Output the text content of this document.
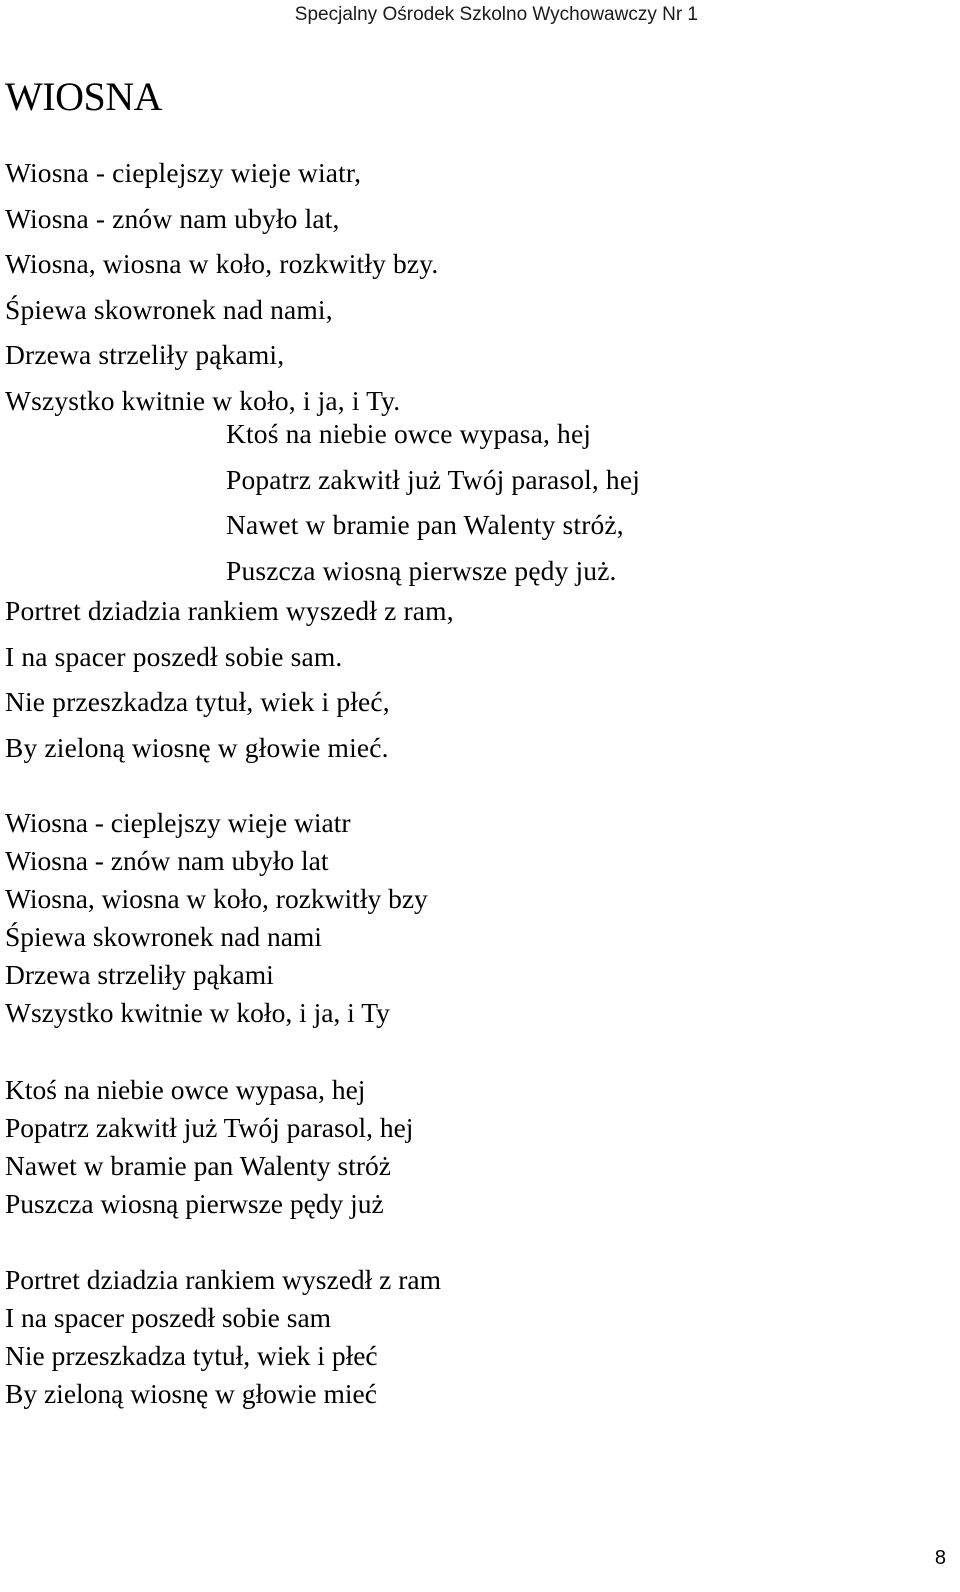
Specjalny Ośrodek Szkolno Wychowawczy Nr 1
WIOSNA
Wiosna - cieplejszy wieje wiatr,
Wiosna - znów nam ubyło lat,
Wiosna, wiosna w koło, rozkwitły bzy.
Śpiewa skowronek nad nami,
Drzewa strzeliły pąkami,
Wszystko kwitnie w koło, i ja, i Ty.
Ktoś na niebie owce wypasa, hej
Popatrz zakwitł już Twój parasol, hej
Nawet w bramie pan Walenty stróż,
Puszcza wiosną pierwsze pędy już.
Portret dziadzia rankiem wyszedł z ram,
I na spacer poszedł sobie sam.
Nie przeszkadza tytuł, wiek i płeć,
By zieloną wiosnę w głowie mieć.
Wiosna - cieplejszy wieje wiatr
Wiosna - znów nam ubyło lat
Wiosna, wiosna w koło, rozkwitły bzy
Śpiewa skowronek nad nami
Drzewa strzeliły pąkami
Wszystko kwitnie w koło, i ja, i Ty
Ktoś na niebie owce wypasa, hej
Popatrz zakwitł już Twój parasol, hej
Nawet w bramie pan Walenty stróż
Puszcza wiosną pierwsze pędy już
Portret dziadzia rankiem wyszedł z ram
I na spacer poszedł sobie sam
Nie przeszkadza tytuł, wiek i płeć
By zieloną wiosnę w głowie mieć
8
